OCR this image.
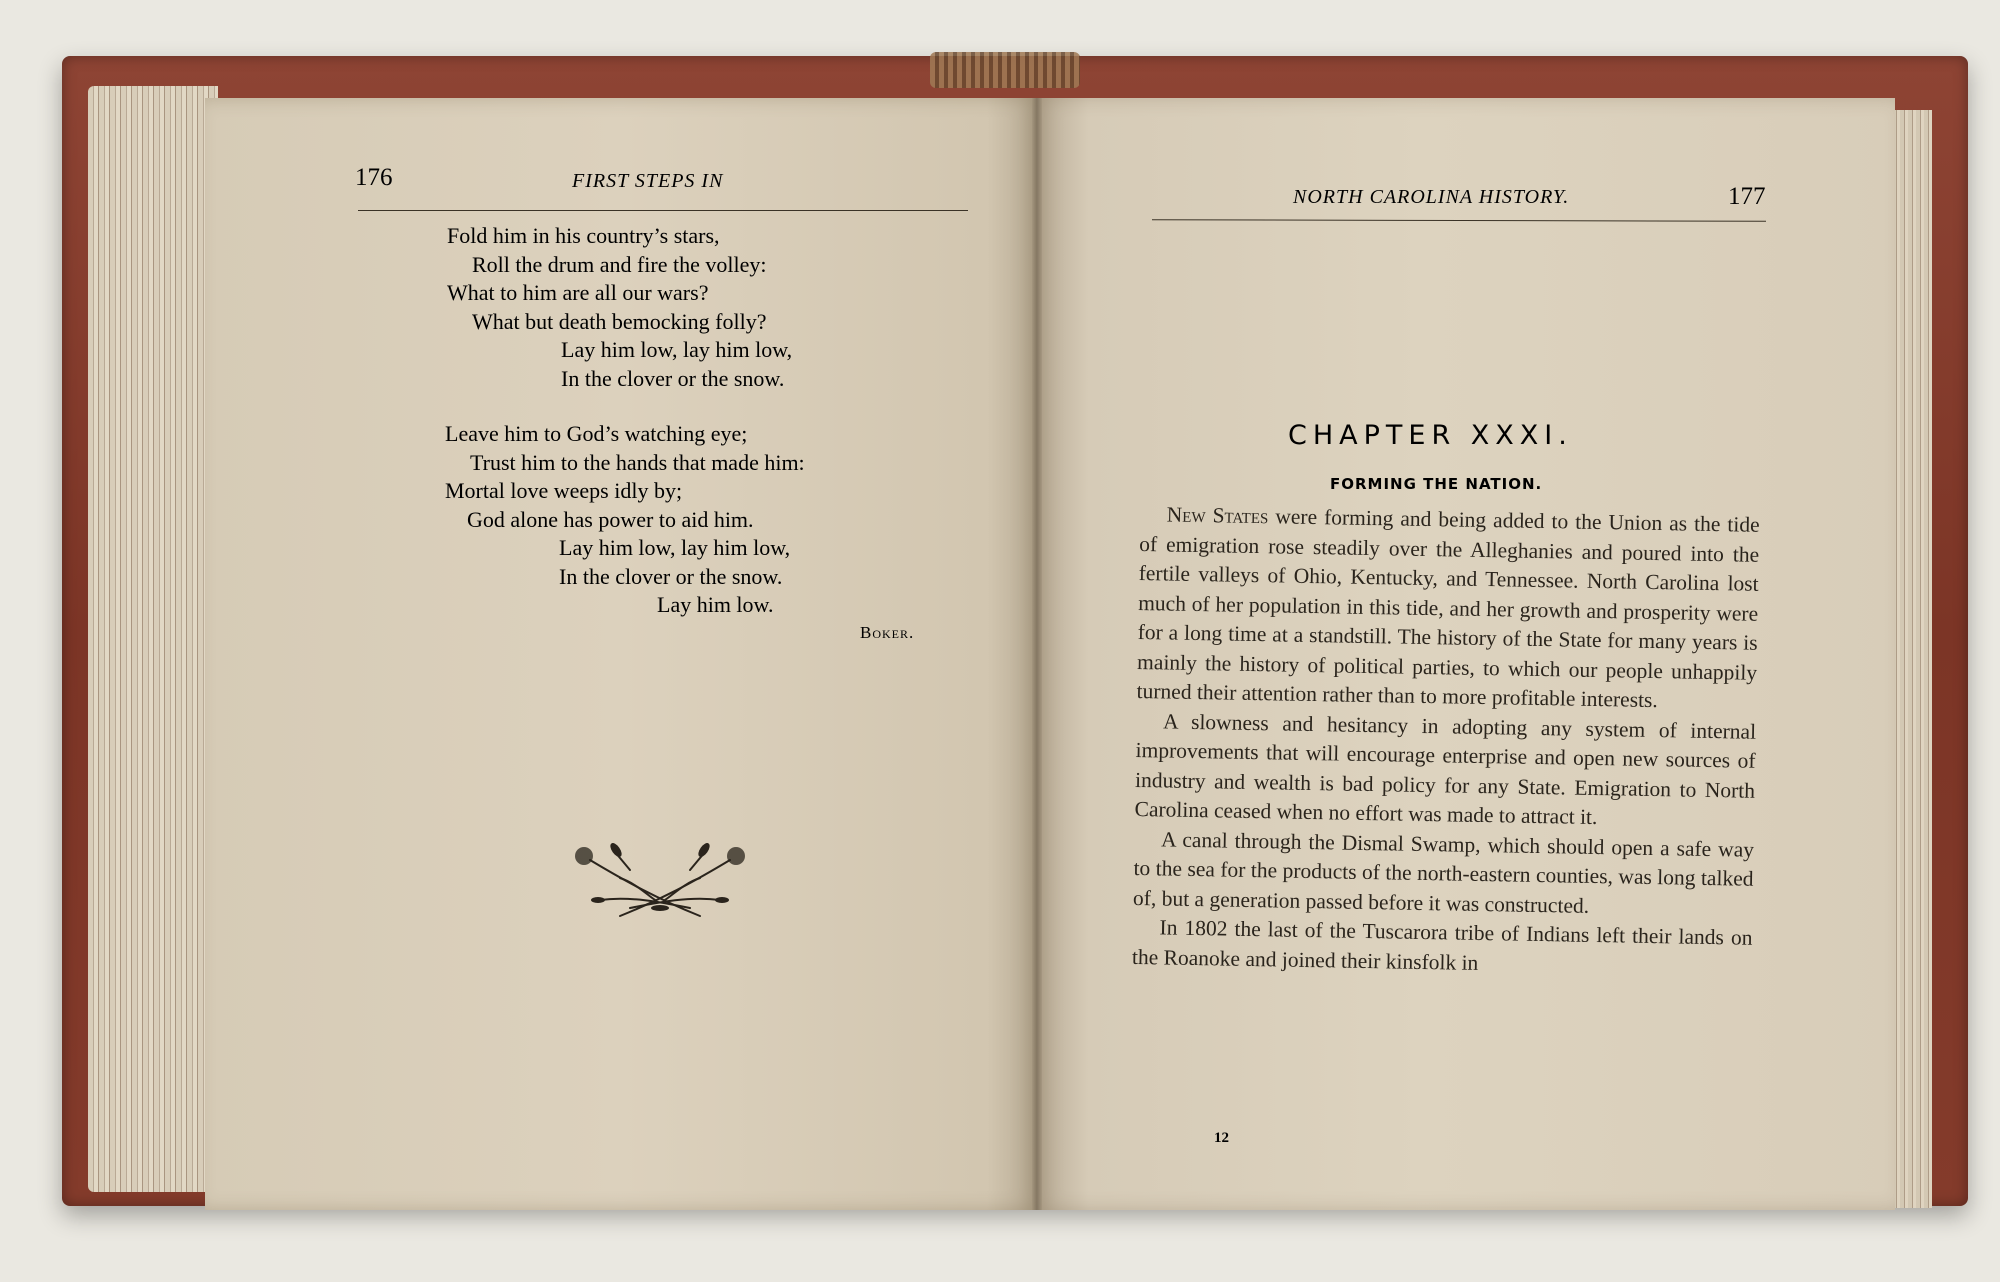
176	FIRST STEPS IN
Fold him in his country’s stars,
Roll the drum and fire the volley:
What to him are all our wars?
What but death bemocking folly?
Lay him low, lay him low,
In the clover or the snow.
Leave him to God’s watching eye;
Trust him to the hands that made him:
Mortal love weeps idly by;
God alone has power to aid him.
Lay him low, lay him low,
In the clover or the snow.
Lay him low.
Boker.
NORTH CAROLINA HISTORY.	177
CHAPTER XXXI.
FORMING THE NATION.

New States were forming and being added to the Union as the tide of emigration rose steadily over the Alleghanies and poured into the fertile valleys of Ohio, Kentucky, and Tennessee. North Carolina lost much of her population in this tide, and her growth and prosperity were for a long time at a standstill. The history of the State for many years is mainly the history of political parties, to which our people unhappily turned their attention rather than to more profitable interests.

A slowness and hesitancy in adopting any system of internal improvements that will encourage enterprise and open new sources of industry and wealth is bad policy for any State. Emigration to North Carolina ceased when no effort was made to attract it.

A canal through the Dismal Swamp, which should open a safe way to the sea for the products of the north-eastern counties, was long talked of, but a generation passed before it was constructed.

In 1802 the last of the Tuscarora tribe of Indians left their lands on the Roanoke and joined their kinsfolk in

12
